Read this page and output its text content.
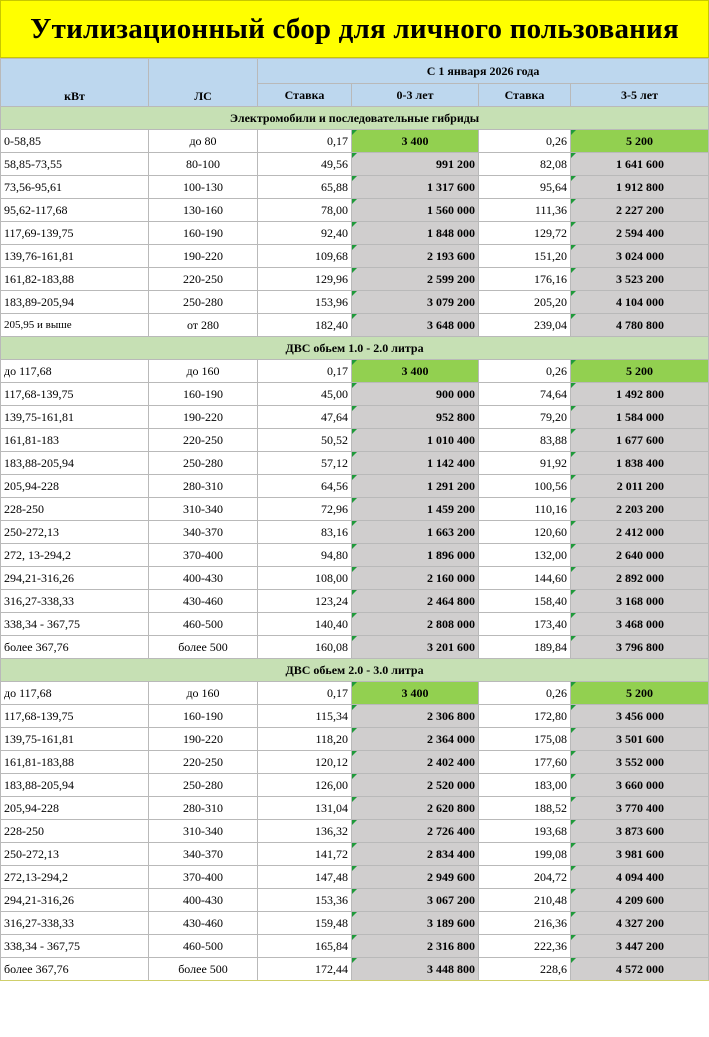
Утилизационный сбор для личного пользования
кВт	ЛС	С 1 января 2026 года			
		Ставка	0-3 лет	Ставка	3-5 лет
Электромобили и последовательные гибриды					
0-58,85	до 80	0,17	3 400	0,26	5 200
58,85-73,55	80-100	49,56	991 200	82,08	1 641 600
73,56-95,61	100-130	65,88	1 317 600	95,64	1 912 800
95,62-117,68	130-160	78,00	1 560 000	111,36	2 227 200
117,69-139,75	160-190	92,40	1 848 000	129,72	2 594 400
139,76-161,81	190-220	109,68	2 193 600	151,20	3 024 000
161,82-183,88	220-250	129,96	2 599 200	176,16	3 523 200
183,89-205,94	250-280	153,96	3 079 200	205,20	4 104 000
205,95 и выше	от 280	182,40	3 648 000	239,04	4 780 800
ДВС обьем 1.0 - 2.0 литра					
до 117,68	до 160	0,17	3 400	0,26	5 200
117,68-139,75	160-190	45,00	900 000	74,64	1 492 800
139,75-161,81	190-220	47,64	952 800	79,20	1 584 000
161,81-183	220-250	50,52	1 010 400	83,88	1 677 600
183,88-205,94	250-280	57,12	1 142 400	91,92	1 838 400
205,94-228	280-310	64,56	1 291 200	100,56	2 011 200
228-250	310-340	72,96	1 459 200	110,16	2 203 200
250-272,13	340-370	83,16	1 663 200	120,60	2 412 000
272, 13-294,2	370-400	94,80	1 896 000	132,00	2 640 000
294,21-316,26	400-430	108,00	2 160 000	144,60	2 892 000
316,27-338,33	430-460	123,24	2 464 800	158,40	3 168 000
338,34 - 367,75	460-500	140,40	2 808 000	173,40	3 468 000
более 367,76	более 500	160,08	3 201 600	189,84	3 796 800
ДВС обьем 2.0 - 3.0 литра					
до 117,68	до 160	0,17	3 400	0,26	5 200
117,68-139,75	160-190	115,34	2 306 800	172,80	3 456 000
139,75-161,81	190-220	118,20	2 364 000	175,08	3 501 600
161,81-183,88	220-250	120,12	2 402 400	177,60	3 552 000
183,88-205,94	250-280	126,00	2 520 000	183,00	3 660 000
205,94-228	280-310	131,04	2 620 800	188,52	3 770 400
228-250	310-340	136,32	2 726 400	193,68	3 873 600
250-272,13	340-370	141,72	2 834 400	199,08	3 981 600
272,13-294,2	370-400	147,48	2 949 600	204,72	4 094 400
294,21-316,26	400-430	153,36	3 067 200	210,48	4 209 600
316,27-338,33	430-460	159,48	3 189 600	216,36	4 327 200
338,34 - 367,75	460-500	165,84	2 316 800	222,36	3 447 200
более 367,76	более 500	172,44	3 448 800	228,6	4 572 000
